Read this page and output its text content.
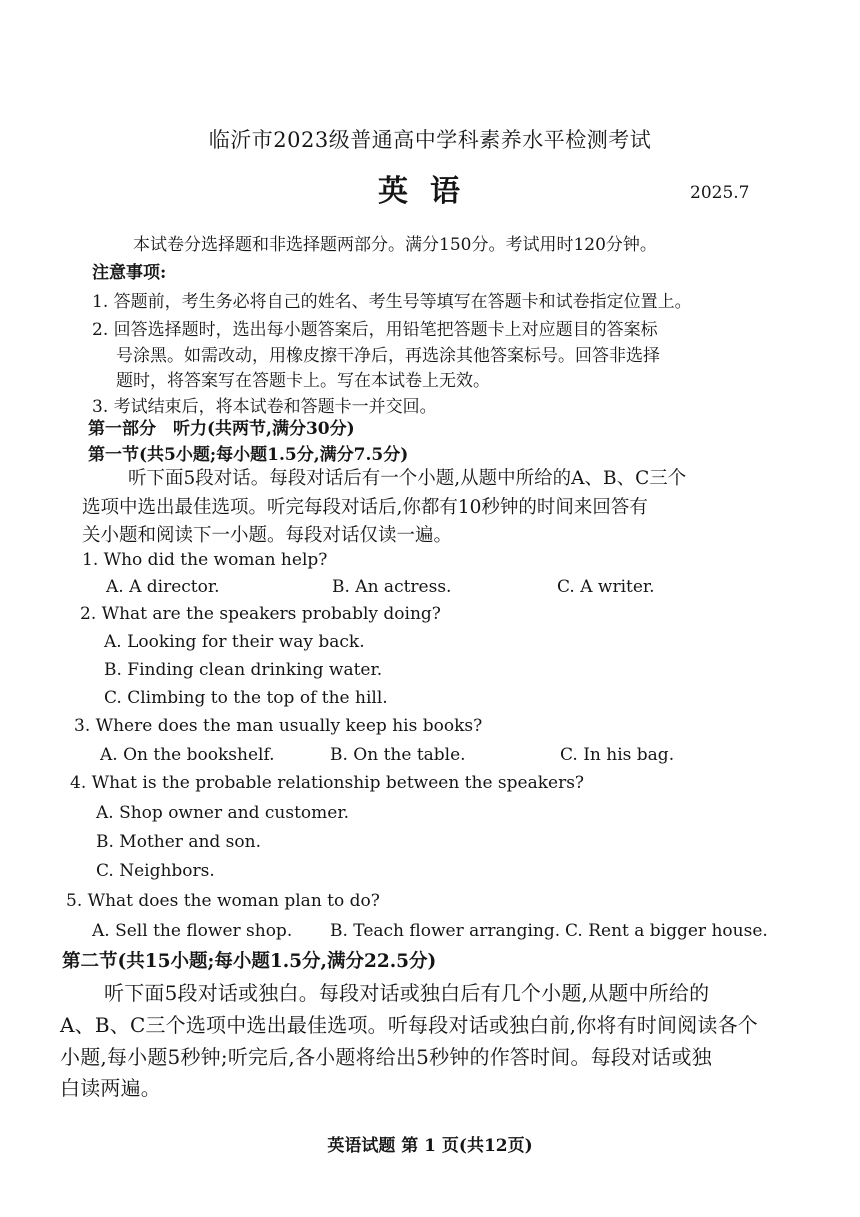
临沂市2023级普通高中学科素养水平检测考试
英语	2025.7
本试卷分选择题和非选择题两部分。满分150分。考试用时120分钟。
注意事项:
1. 答题前，考生务必将自己的姓名、考生号等填写在答题卡和试卷指定位置上。
2. 回答选择题时，选出每小题答案后，用铅笔把答题卡上对应题目的答案标
号涂黑。如需改动，用橡皮擦干净后，再选涂其他答案标号。回答非选择
题时，将答案写在答题卡上。写在本试卷上无效。
3. 考试结束后，将本试卷和答题卡一并交回。
第一部分　听力(共两节,满分30分)
第一节(共5小题;每小题1.5分,满分7.5分)
听下面5段对话。每段对话后有一个小题,从题中所给的A、B、C三个
选项中选出最佳选项。听完每段对话后,你都有10秒钟的时间来回答有
关小题和阅读下一小题。每段对话仅读一遍。
1. Who did the woman help?
A. A director.	B. An actress.	C. A writer.
2. What are the speakers probably doing?
A. Looking for their way back.
B. Finding clean drinking water.
C. Climbing to the top of the hill.
3. Where does the man usually keep his books?
A. On the bookshelf.	B. On the table.	C. In his bag.
4. What is the probable relationship between the speakers?
A. Shop owner and customer.
B. Mother and son.
C. Neighbors.
5. What does the woman plan to do?
A. Sell the flower shop. B. Teach flower arranging. C. Rent a bigger house.
第二节(共15小题;每小题1.5分,满分22.5分)
听下面5段对话或独白。每段对话或独白后有几个小题,从题中所给的
A、B、C三个选项中选出最佳选项。听每段对话或独白前,你将有时间阅读各个
小题,每小题5秒钟;听完后,各小题将给出5秒钟的作答时间。每段对话或独
白读两遍。
英语试题 第 1 页(共12页)
